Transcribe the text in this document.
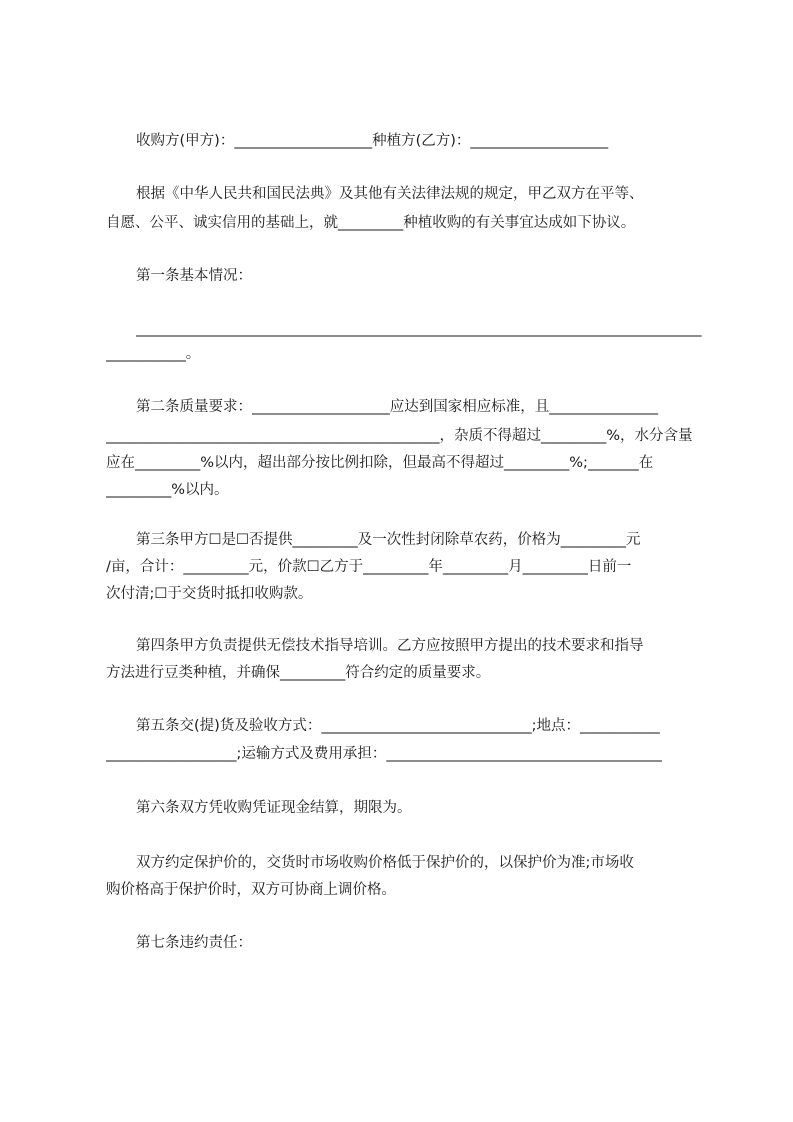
收购方(甲方)：___________________种植方(乙方)：___________________
根据《中华人民共和国民法典》及其他有关法律法规的规定，甲乙双方在平等、
自愿、公平、诚实信用的基础上，就_________种植收购的有关事宜达成如下协议。
第一条基本情况：
______________________________________________________________________________
___________。
第二条质量要求：___________________应达到国家相应标准，且_______________
______________________________________________，杂质不得超过_________%，水分含量
应在_________%以内，超出部分按比例扣除，但最高不得超过_________%;_______在
_________%以内。
第三条甲方☐是☐否提供_________及一次性封闭除草农药，价格为_________元
/亩，合计：_________元，价款☐乙方于_________年_________月_________日前一
次付清;☐于交货时抵扣收购款。
第四条甲方负责提供无偿技术指导培训。乙方应按照甲方提出的技术要求和指导
方法进行豆类种植，并确保_________符合约定的质量要求。
第五条交(提)货及验收方式：_____________________________;地点：___________
__________________;运输方式及费用承担：______________________________________
第六条双方凭收购凭证现金结算，期限为。
双方约定保护价的，交货时市场收购价格低于保护价的，以保护价为准;市场收
购价格高于保护价时，双方可协商上调价格。
第七条违约责任：
